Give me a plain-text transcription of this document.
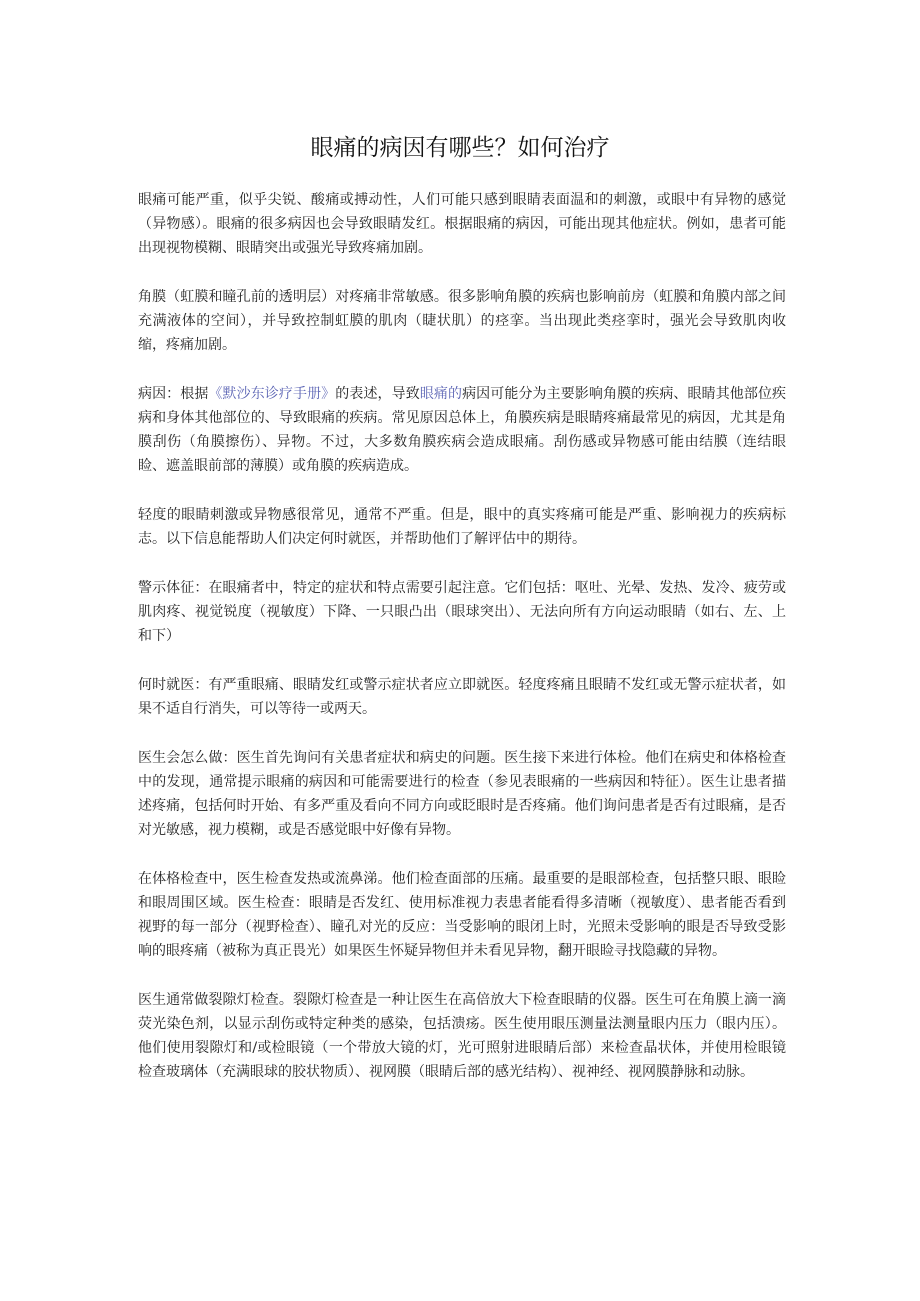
眼痛的病因有哪些？如何治疗

眼痛可能严重，似乎尖锐、酸痛或搏动性，人们可能只感到眼睛表面温和的刺激，或眼中有异物的感觉（异物感）。眼痛的很多病因也会导致眼睛发红。根据眼痛的病因，可能出现其他症状。例如，患者可能出现视物模糊、眼睛突出或强光导致疼痛加剧。

角膜（虹膜和瞳孔前的透明层）对疼痛非常敏感。很多影响角膜的疾病也影响前房（虹膜和角膜内部之间充满液体的空间），并导致控制虹膜的肌肉（睫状肌）的痉挛。当出现此类痉挛时，强光会导致肌肉收缩，疼痛加剧。

病因：根据《默沙东诊疗手册》的表述，导致眼痛的病因可能分为主要影响角膜的疾病、眼睛其他部位疾病和身体其他部位的、导致眼痛的疾病。常见原因总体上，角膜疾病是眼睛疼痛最常见的病因，尤其是角膜刮伤（角膜擦伤）、异物。不过，大多数角膜疾病会造成眼痛。刮伤感或异物感可能由结膜（连结眼睑、遮盖眼前部的薄膜）或角膜的疾病造成。

轻度的眼睛刺激或异物感很常见，通常不严重。但是，眼中的真实疼痛可能是严重、影响视力的疾病标志。以下信息能帮助人们决定何时就医，并帮助他们了解评估中的期待。

警示体征：在眼痛者中，特定的症状和特点需要引起注意。它们包括：呕吐、光晕、发热、发冷、疲劳或肌肉疼、视觉锐度（视敏度）下降、一只眼凸出（眼球突出）、无法向所有方向运动眼睛（如右、左、上和下）

何时就医：有严重眼痛、眼睛发红或警示症状者应立即就医。轻度疼痛且眼睛不发红或无警示症状者，如果不适自行消失，可以等待一或两天。

医生会怎么做：医生首先询问有关患者症状和病史的问题。医生接下来进行体检。他们在病史和体格检查中的发现，通常提示眼痛的病因和可能需要进行的检查（参见表眼痛的一些病因和特征）。医生让患者描述疼痛，包括何时开始、有多严重及看向不同方向或眨眼时是否疼痛。他们询问患者是否有过眼痛，是否对光敏感，视力模糊，或是否感觉眼中好像有异物。

在体格检查中，医生检查发热或流鼻涕。他们检查面部的压痛。最重要的是眼部检查，包括整只眼、眼睑和眼周围区域。医生检查：眼睛是否发红、使用标准视力表患者能看得多清晰（视敏度）、患者能否看到视野的每一部分（视野检查）、瞳孔对光的反应：当受影响的眼闭上时，光照未受影响的眼是否导致受影响的眼疼痛（被称为真正畏光）如果医生怀疑异物但并未看见异物，翻开眼睑寻找隐藏的异物。

医生通常做裂隙灯检查。裂隙灯检查是一种让医生在高倍放大下检查眼睛的仪器。医生可在角膜上滴一滴荧光染色剂，以显示刮伤或特定种类的感染，包括溃疡。医生使用眼压测量法测量眼内压力（眼内压）。他们使用裂隙灯和/或检眼镜（一个带放大镜的灯，光可照射进眼睛后部）来检查晶状体，并使用检眼镜检查玻璃体（充满眼球的胶状物质）、视网膜（眼睛后部的感光结构）、视神经、视网膜静脉和动脉。
